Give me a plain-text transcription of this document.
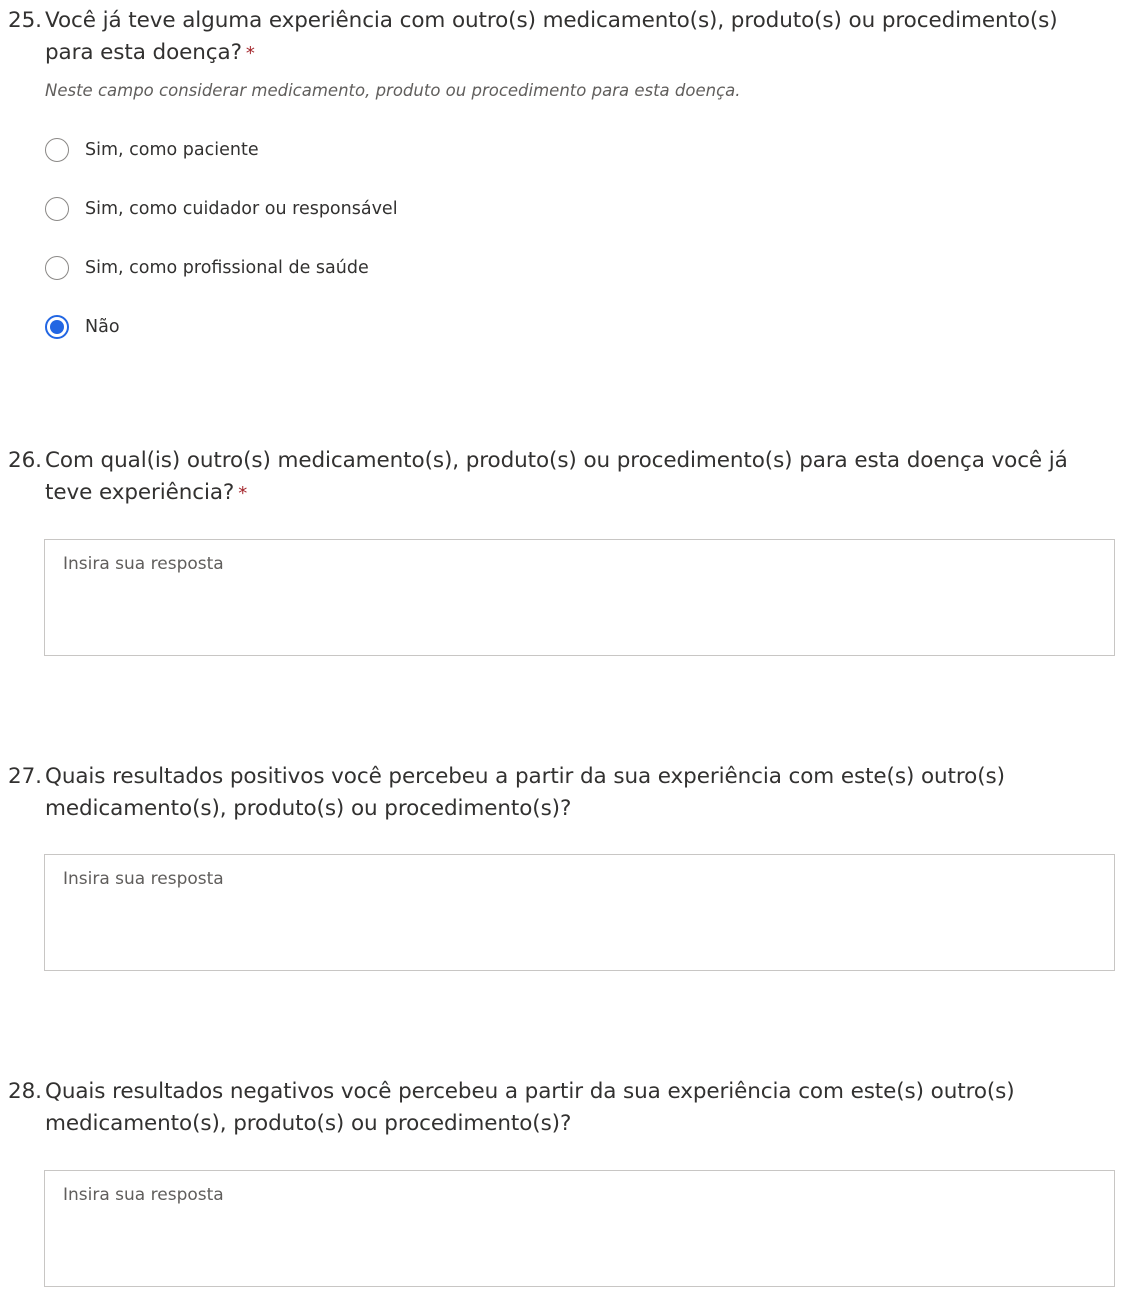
25. Você já teve alguma experiência com outro(s) medicamento(s), produto(s) ou procedimento(s) para esta doença? *
Neste campo considerar medicamento, produto ou procedimento para esta doença.
Sim, como paciente
Sim, como cuidador ou responsável
Sim, como profissional de saúde
Não
26. Com qual(is) outro(s) medicamento(s), produto(s) ou procedimento(s) para esta doença você já teve experiência? *
Insira sua resposta
27. Quais resultados positivos você percebeu a partir da sua experiência com este(s) outro(s) medicamento(s), produto(s) ou procedimento(s)?
Insira sua resposta
28. Quais resultados negativos você percebeu a partir da sua experiência com este(s) outro(s) medicamento(s), produto(s) ou procedimento(s)?
Insira sua resposta
